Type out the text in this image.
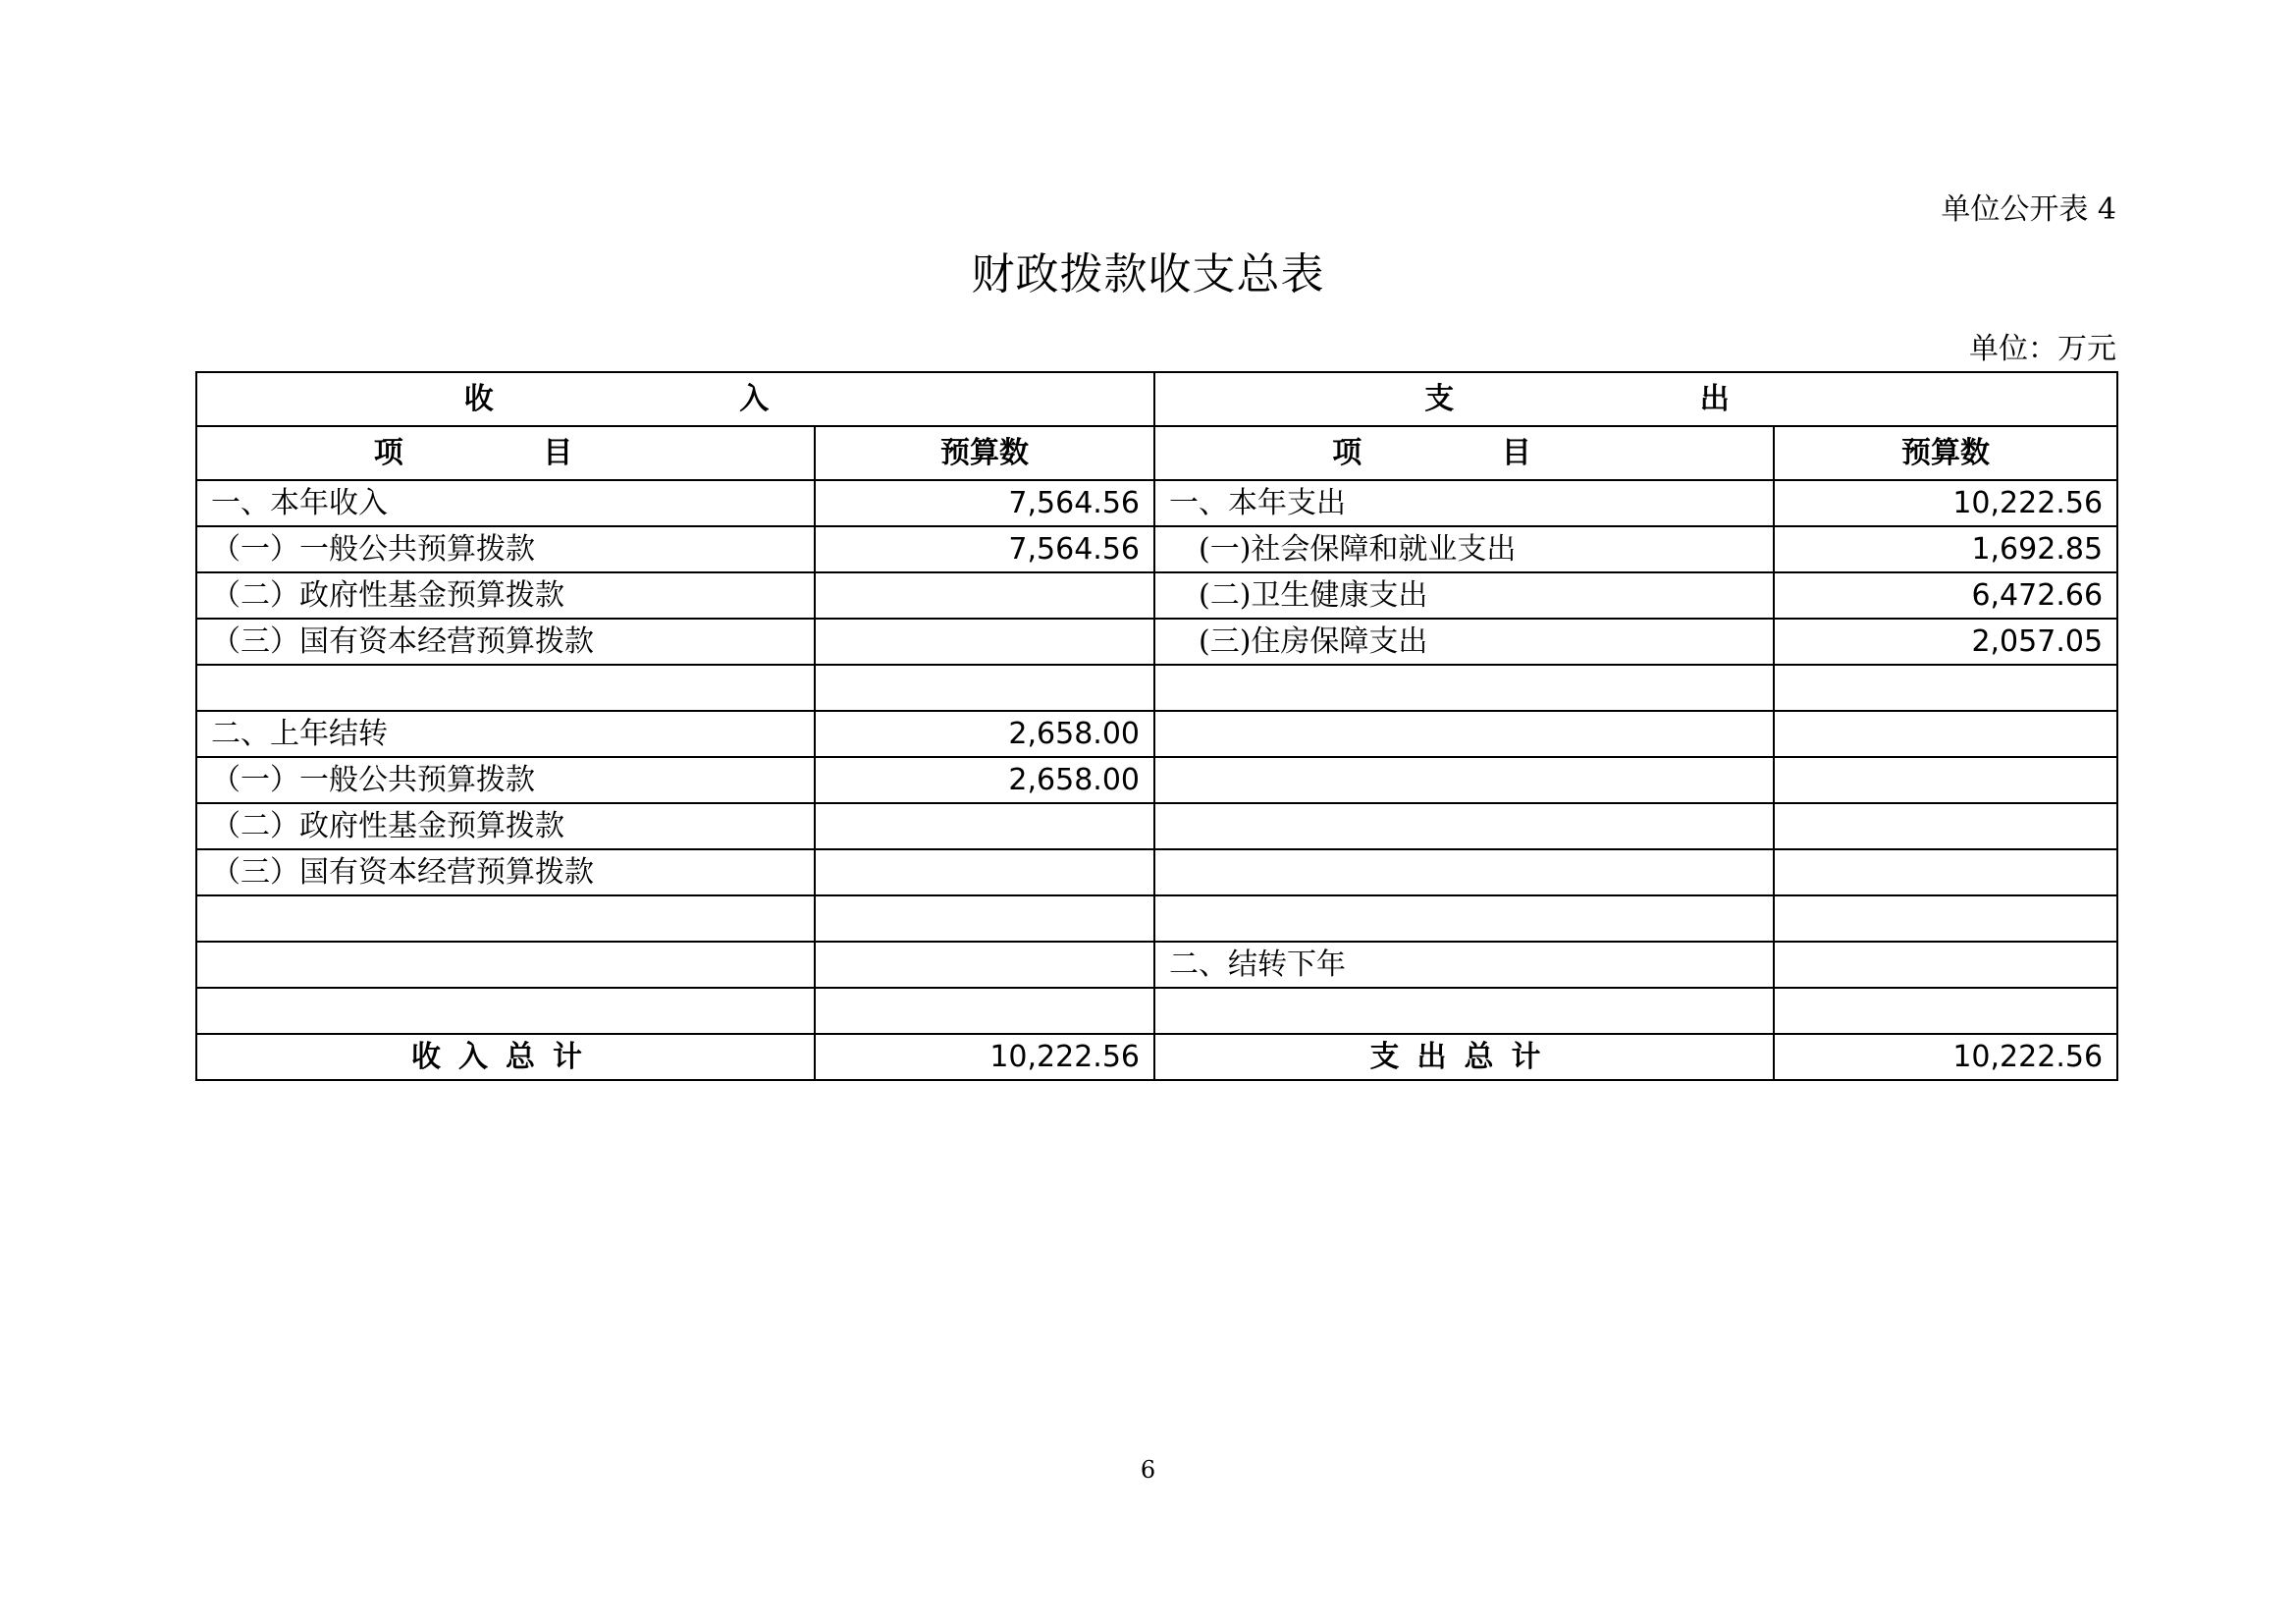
单位公开表 4
财政拨款收支总表
单位：万元
收 入		支 出	
项 目	预算数	项 目	预算数
一、本年收入	7,564.56	一、本年支出	10,222.56
（一）一般公共预算拨款	7,564.56	(一)社会保障和就业支出	1,692.85
（二）政府性基金预算拨款		(二)卫生健康支出	6,472.66
（三）国有资本经营预算拨款		(三)住房保障支出	2,057.05

二、上年结转	2,658.00		
（一）一般公共预算拨款	2,658.00		
（二）政府性基金预算拨款			
（三）国有资本经营预算拨款			

		二、结转下年	

收入总计	10,222.56	支出总计	10,222.56
6
